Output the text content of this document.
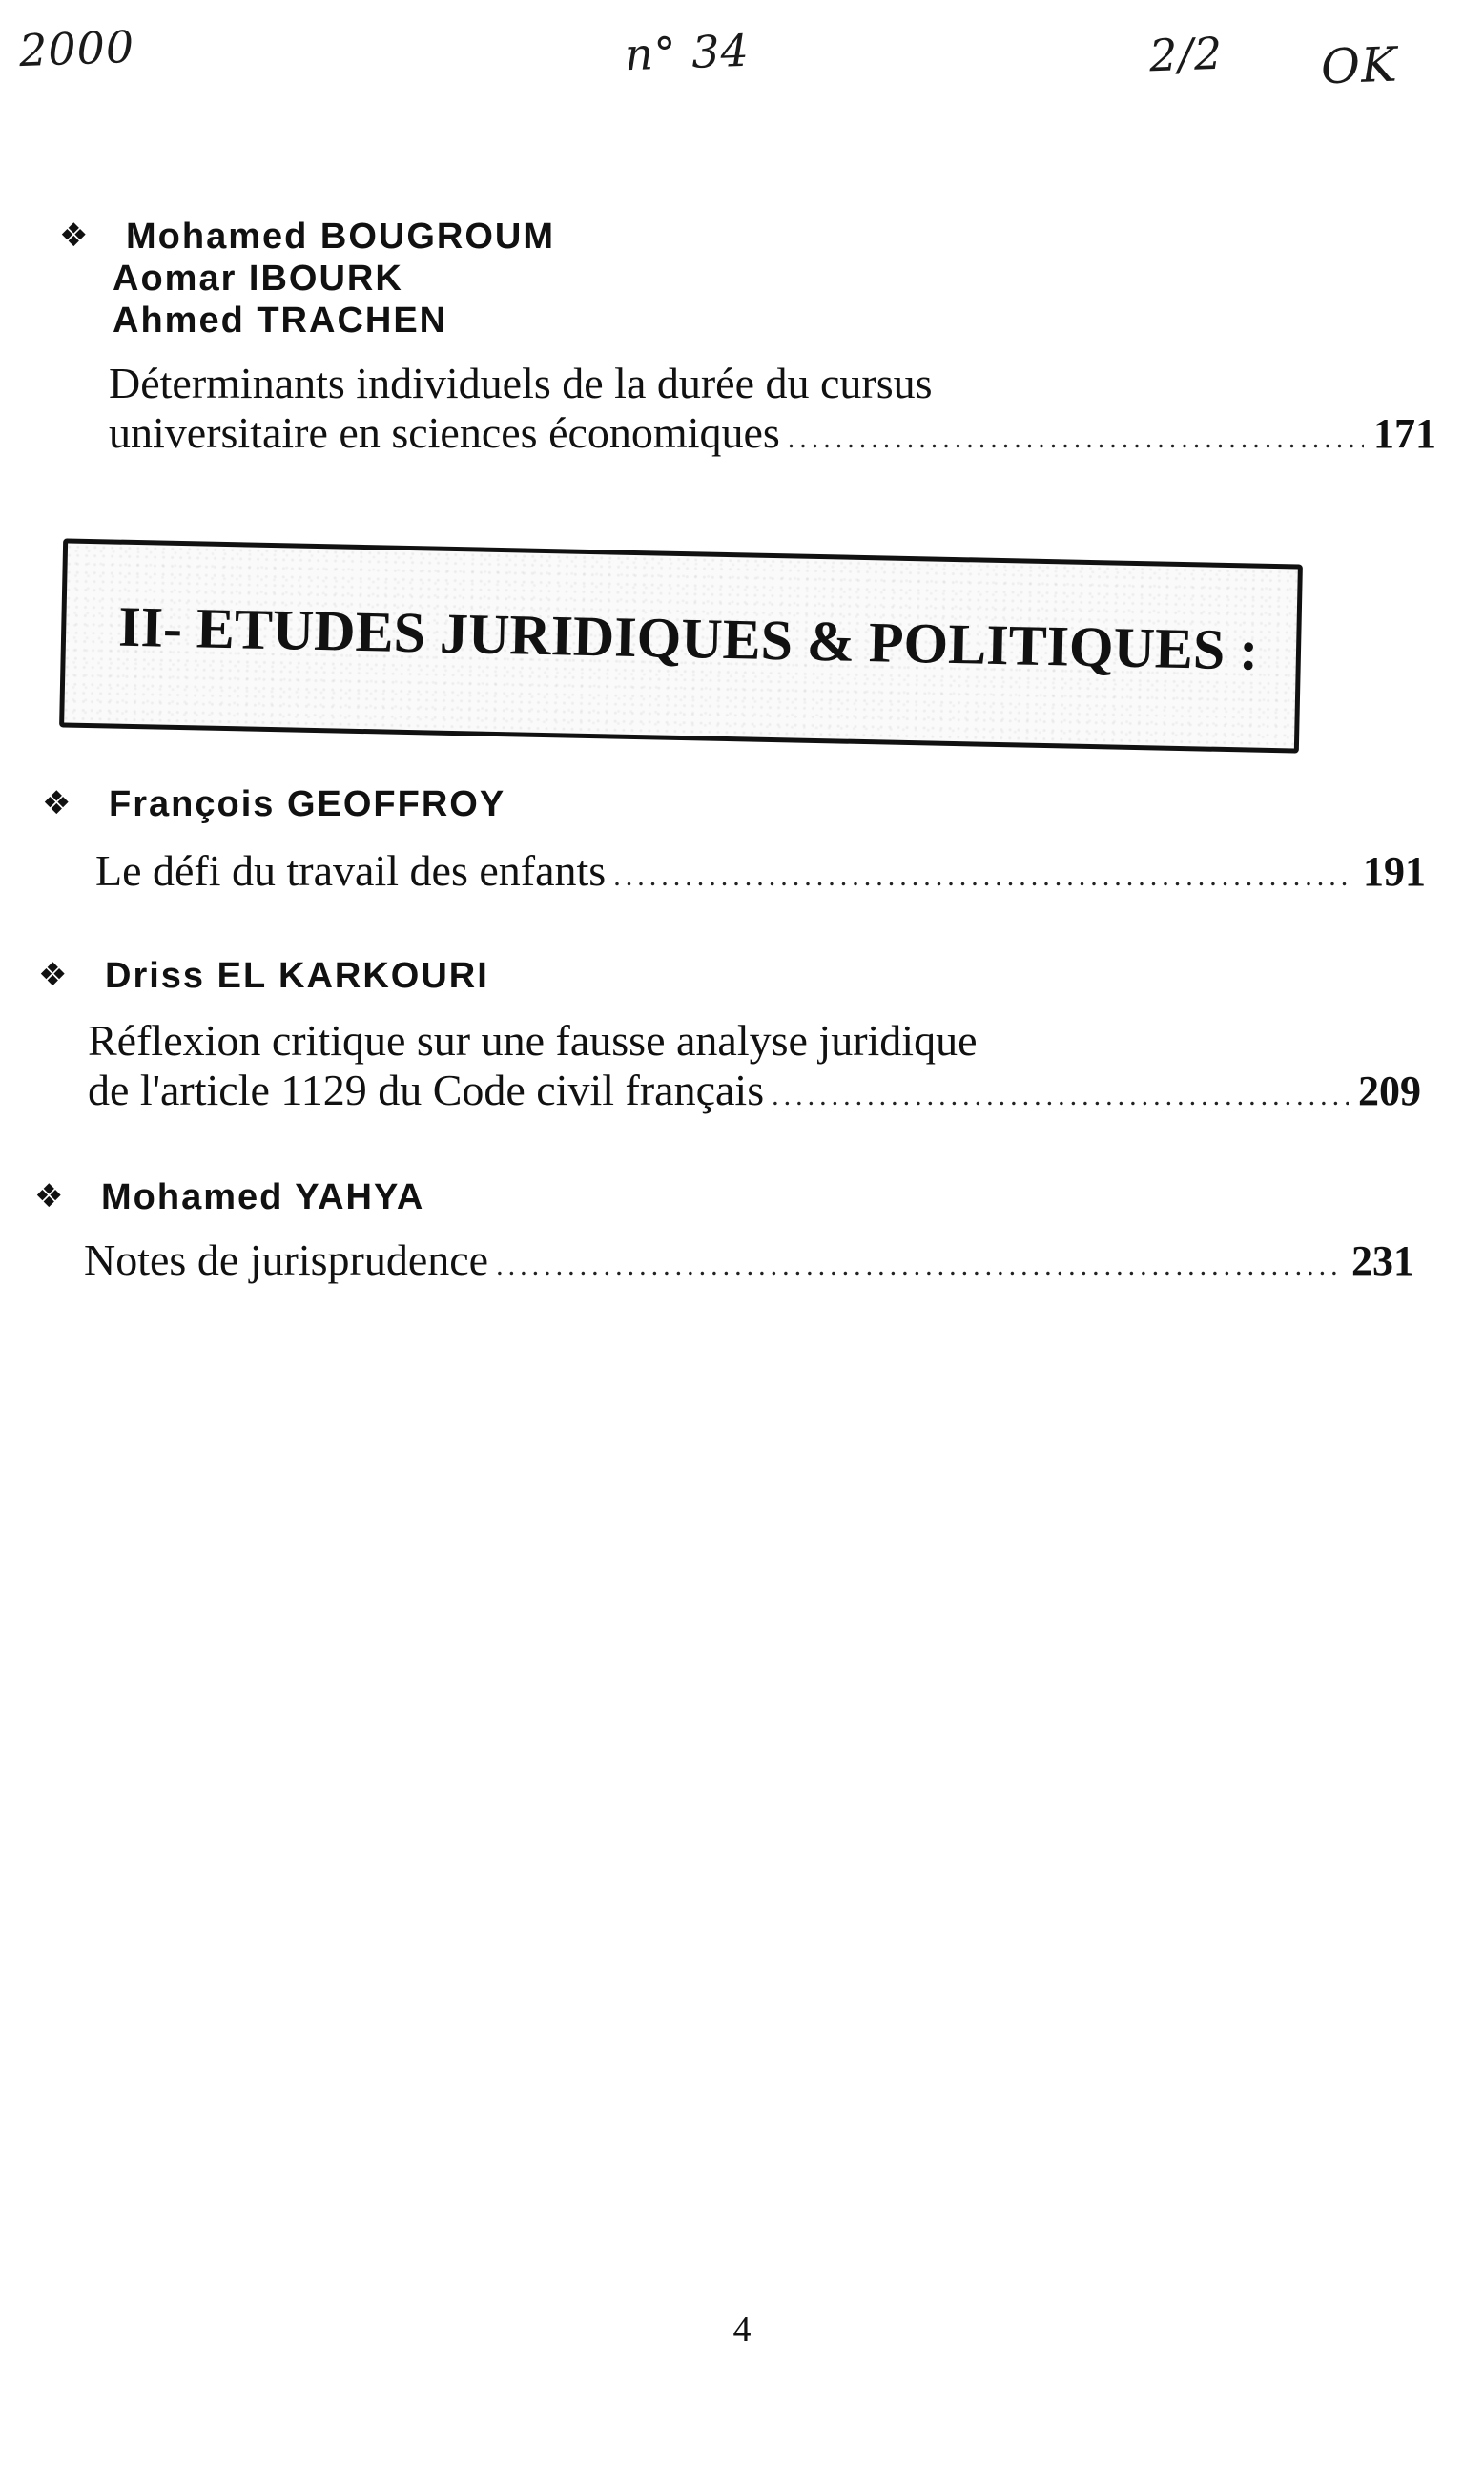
2000	n° 34	2/2 OK
❖ Mohamed BOUGROUM
Aomar IBOURK
Ahmed TRACHEN
Déterminants individuels de la durée du cursus
universitaire en sciences économiques .....	171
II- ETUDES JURIDIQUES & POLITIQUES :
❖ François GEOFFROY
Le défi du travail des enfants .....	191
❖ Driss EL KARKOURI
Réflexion critique sur une fausse analyse juridique
de l'article 1129 du Code civil français .....	209
❖ Mohamed YAHYA
Notes de jurisprudence .....	231
4
